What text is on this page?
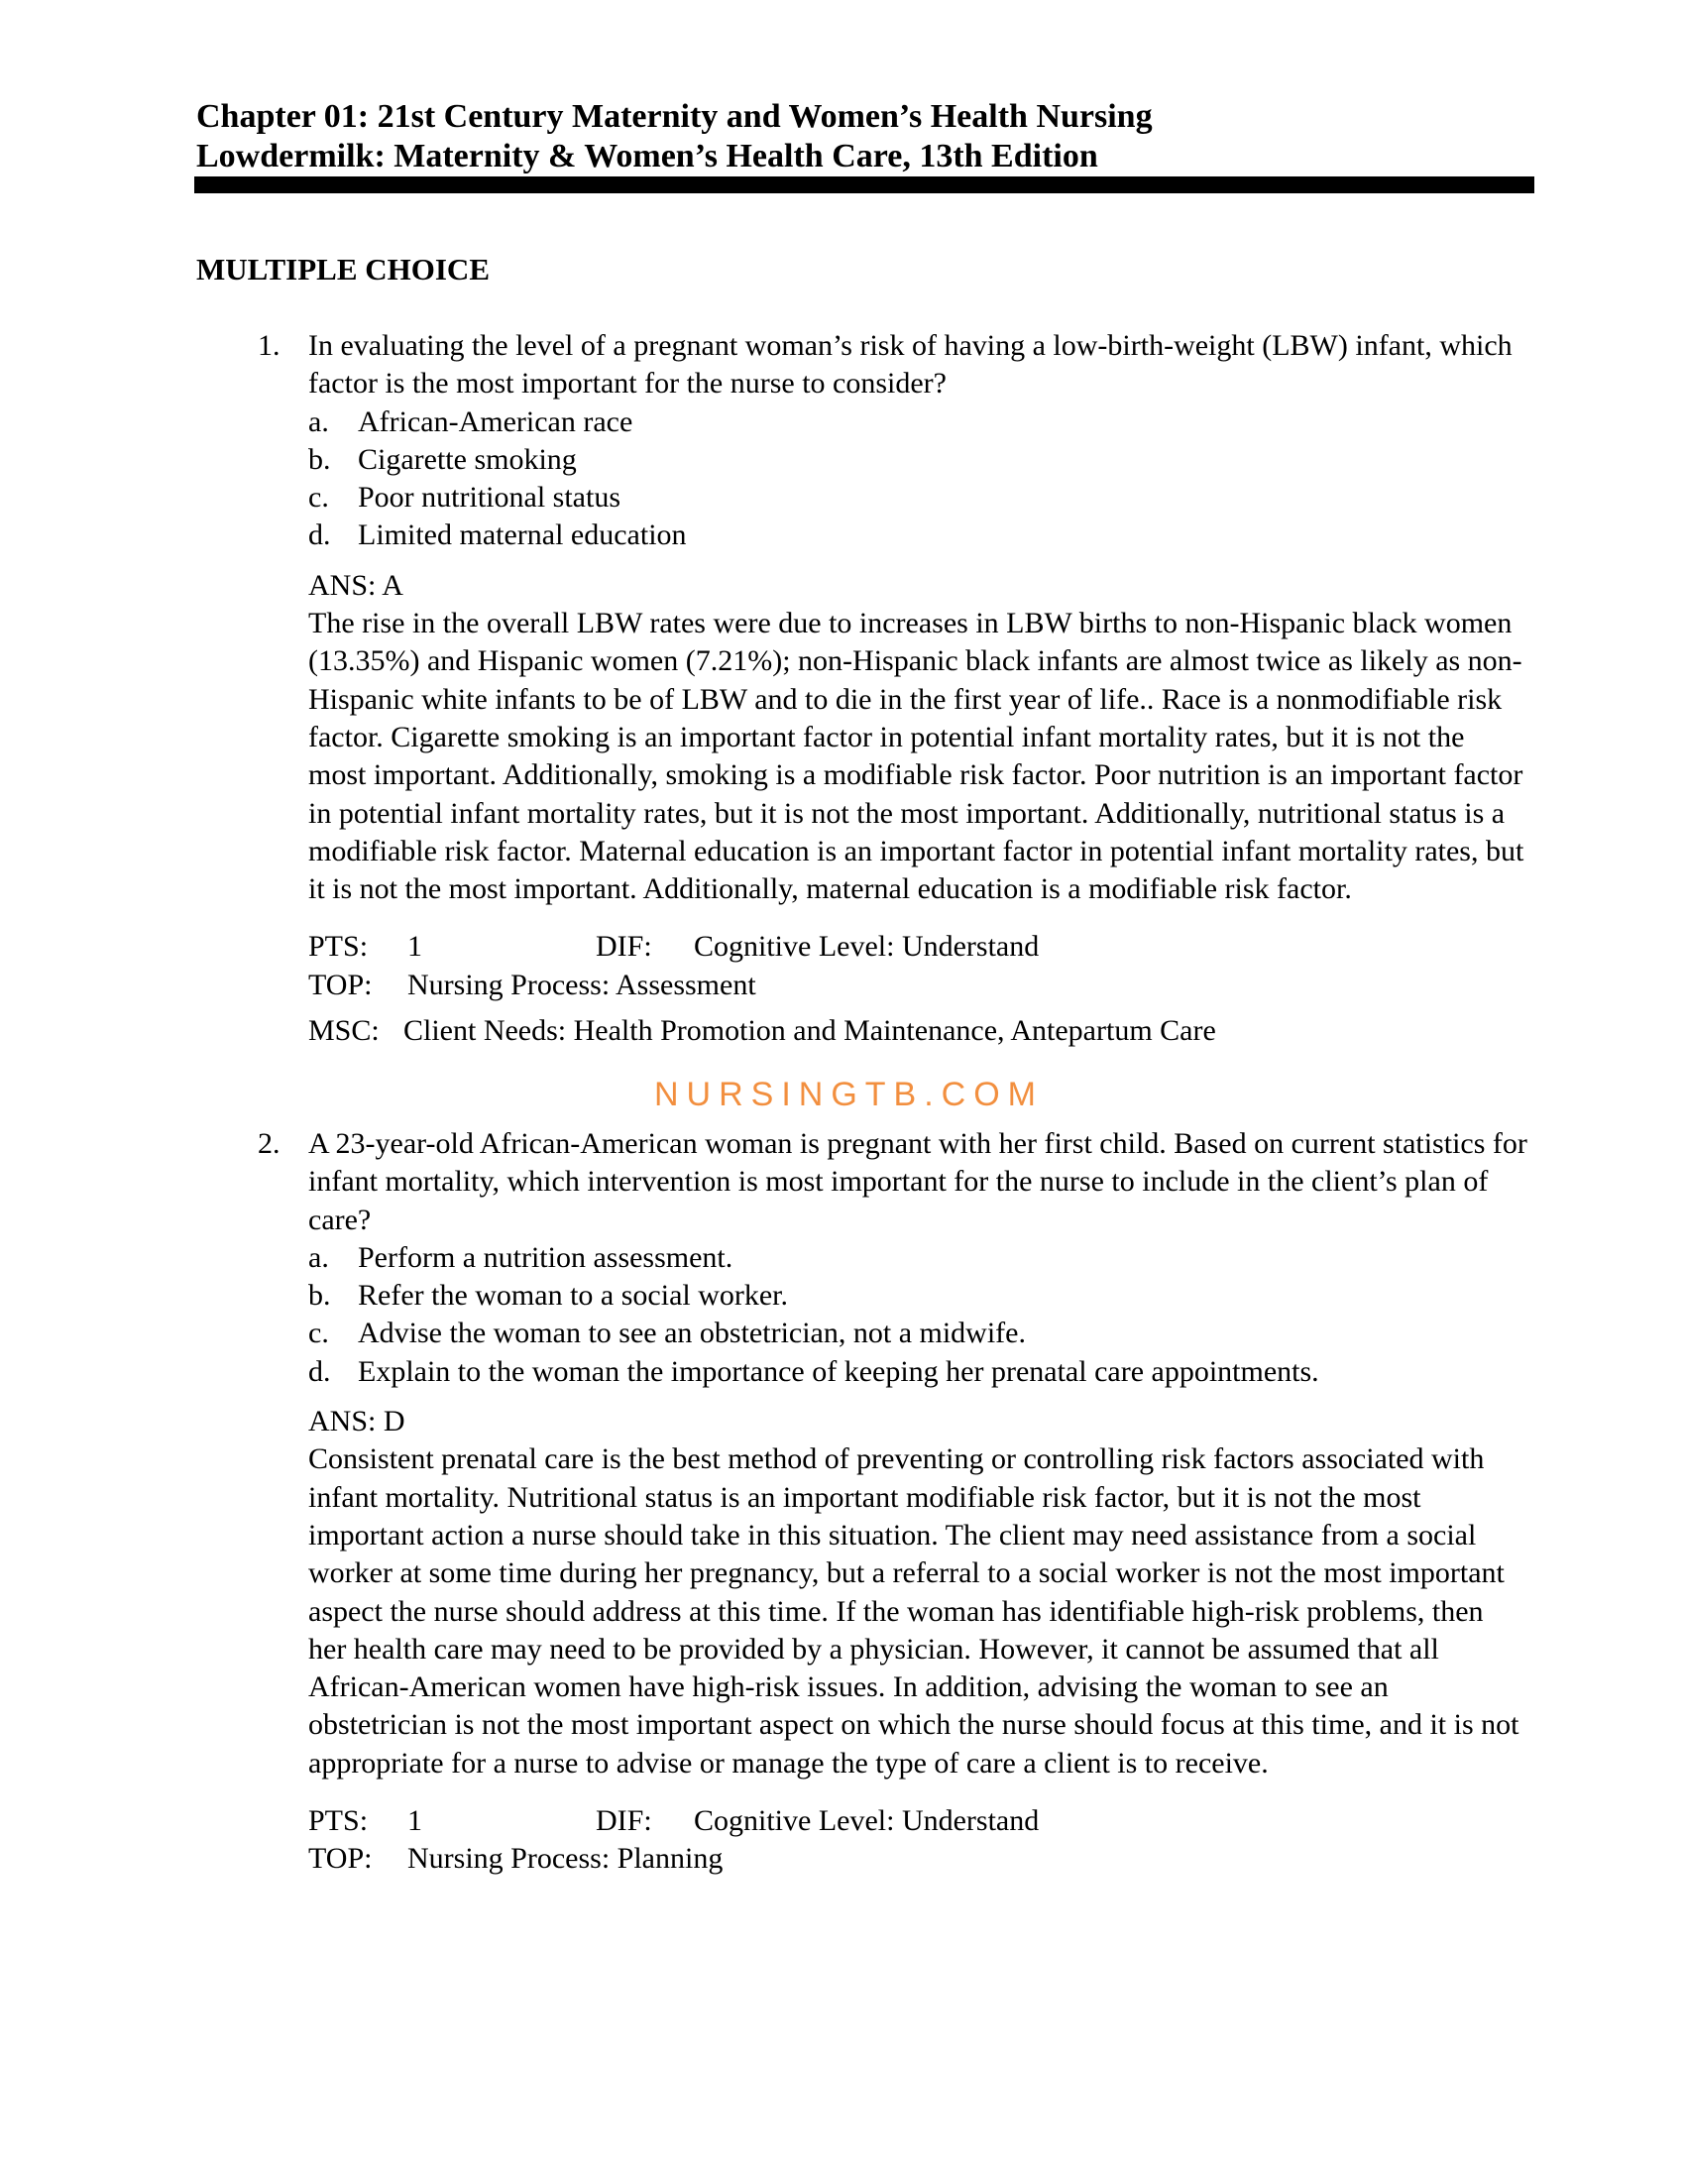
Chapter 01: 21st Century Maternity and Women’s Health Nursing
Lowdermilk: Maternity & Women’s Health Care, 13th Edition
MULTIPLE CHOICE
1. In evaluating the level of a pregnant woman’s risk of having a low-birth-weight (LBW) infant, which factor is the most important for the nurse to consider?
a. African-American race
b. Cigarette smoking
c. Poor nutritional status
d. Limited maternal education
ANS: A
The rise in the overall LBW rates were due to increases in LBW births to non-Hispanic black women (13.35%) and Hispanic women (7.21%); non-Hispanic black infants are almost twice as likely as non-Hispanic white infants to be of LBW and to die in the first year of life.. Race is a nonmodifiable risk factor. Cigarette smoking is an important factor in potential infant mortality rates, but it is not the most important. Additionally, smoking is a modifiable risk factor. Poor nutrition is an important factor in potential infant mortality rates, but it is not the most important. Additionally, nutritional status is a modifiable risk factor. Maternal education is an important factor in potential infant mortality rates, but it is not the most important. Additionally, maternal education is a modifiable risk factor.
PTS: 1	DIF: Cognitive Level: Understand
TOP: Nursing Process: Assessment
MSC: Client Needs: Health Promotion and Maintenance, Antepartum Care
2. A 23-year-old African-American woman is pregnant with her first child. Based on current statistics for infant mortality, which intervention is most important for the nurse to include in the client’s plan of care?
a. Perform a nutrition assessment.
b. Refer the woman to a social worker.
c. Advise the woman to see an obstetrician, not a midwife.
d. Explain to the woman the importance of keeping her prenatal care appointments.
ANS: D
Consistent prenatal care is the best method of preventing or controlling risk factors associated with infant mortality. Nutritional status is an important modifiable risk factor, but it is not the most important action a nurse should take in this situation. The client may need assistance from a social worker at some time during her pregnancy, but a referral to a social worker is not the most important aspect the nurse should address at this time. If the woman has identifiable high-risk problems, then her health care may need to be provided by a physician. However, it cannot be assumed that all African-American women have high-risk issues. In addition, advising the woman to see an obstetrician is not the most important aspect on which the nurse should focus at this time, and it is not appropriate for a nurse to advise or manage the type of care a client is to receive.
PTS: 1	DIF: Cognitive Level: Understand
TOP: Nursing Process: Planning
NURSINGTB.COM
